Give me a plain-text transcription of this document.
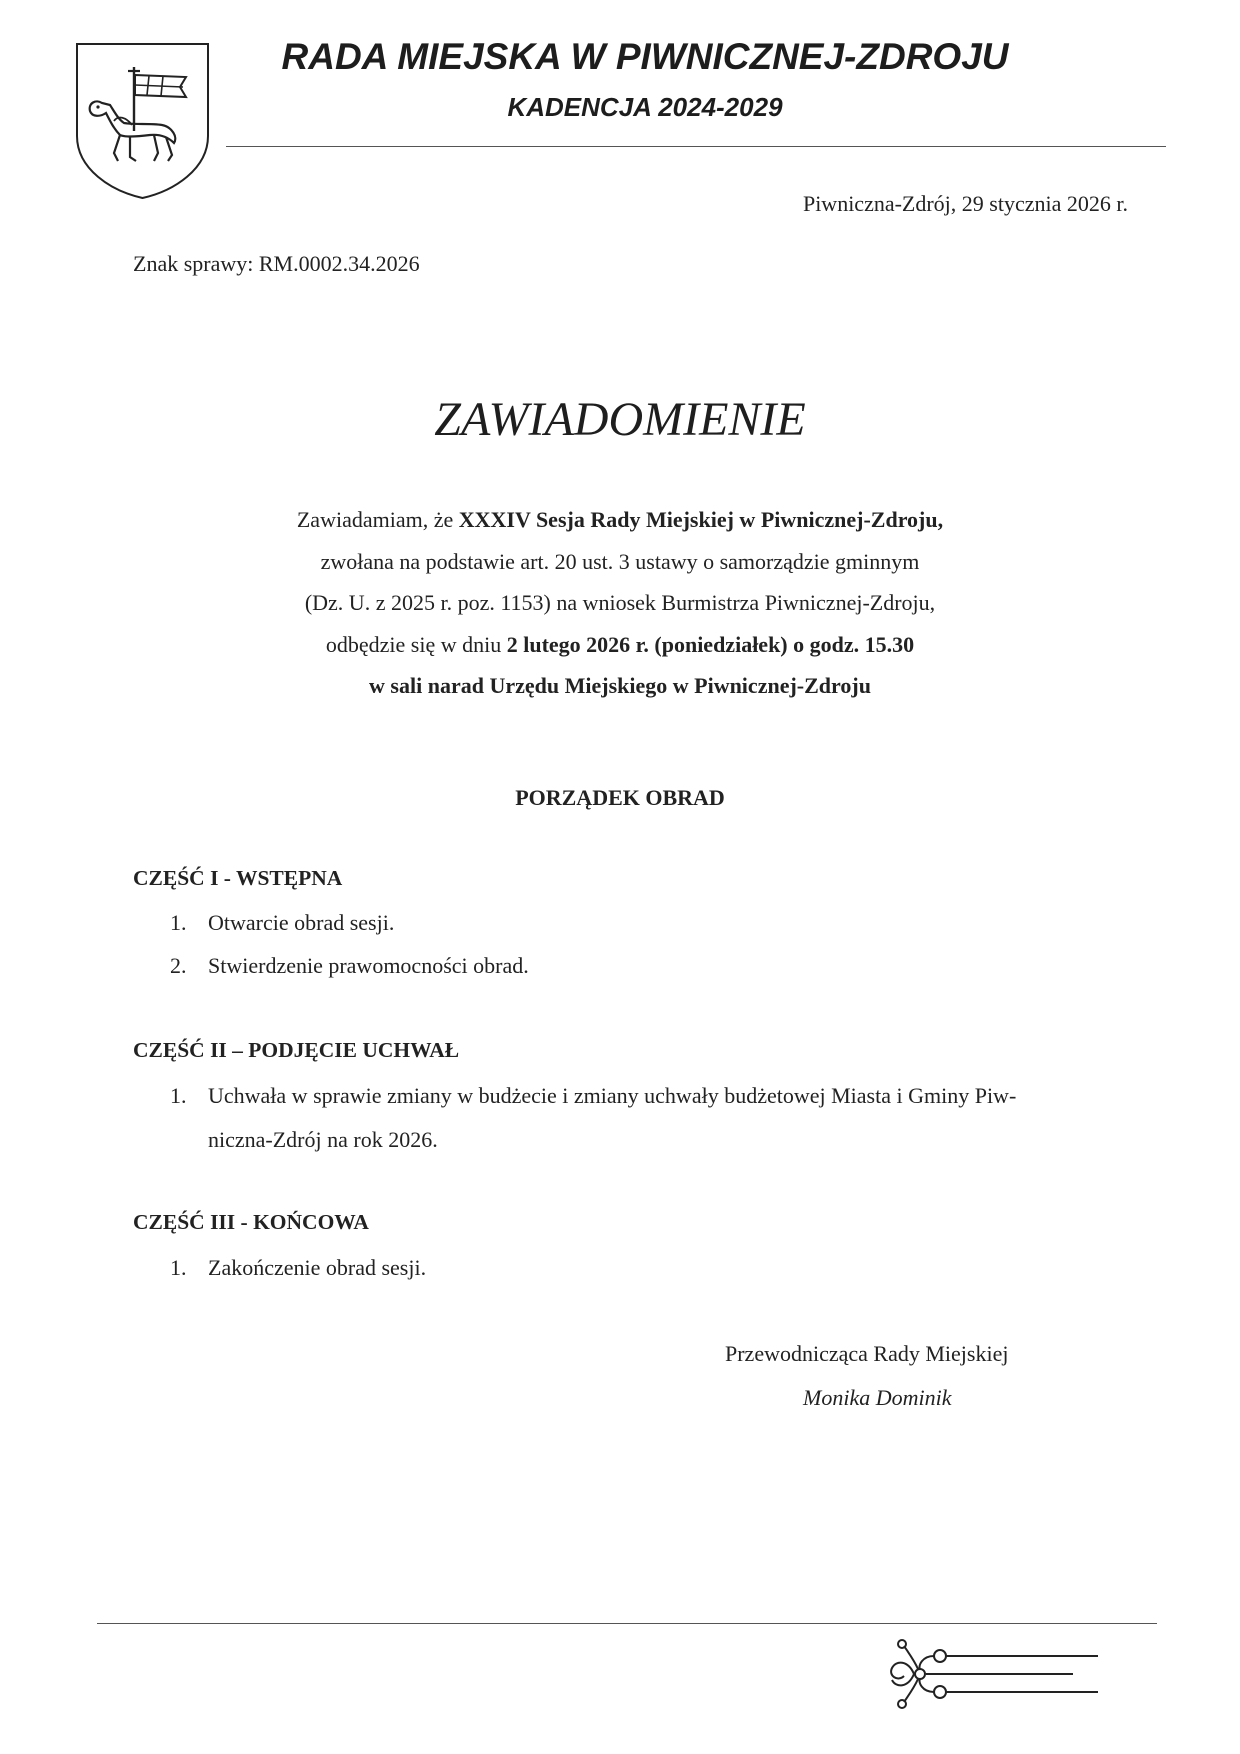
RADA MIEJSKA W PIWNICZNEJ-ZDROJU
KADENCJA 2024-2029
Piwniczna-Zdrój, 29 stycznia 2026 r.
Znak sprawy: RM.0002.34.2026
ZAWIADOMIENIE

Zawiadamiam, że XXXIV Sesja Rady Miejskiej w Piwnicznej-Zdroju,

zwołana na podstawie art. 20 ust. 3 ustawy o samorządzie gminnym

(Dz. U. z 2025 r. poz. 1153) na wniosek Burmistrza Piwnicznej-Zdroju,

odbędzie się w dniu 2 lutego 2026 r. (poniedziałek) o godz. 15.30

w sali narad Urzędu Miejskiego w Piwnicznej-Zdroju

PORZĄDEK OBRAD
CZĘŚĆ I - WSTĘPNA
1. Otwarcie obrad sesji.
2. Stwierdzenie prawomocności obrad.
CZĘŚĆ II – PODJĘCIE UCHWAŁ
1. Uchwała w sprawie zmiany w budżecie i zmiany uchwały budżetowej Miasta i Gminy Piw-
niczna-Zdrój na rok 2026.
CZĘŚĆ III - KOŃCOWA
1. Zakończenie obrad sesji.
Przewodnicząca Rady Miejskiej
Monika Dominik
